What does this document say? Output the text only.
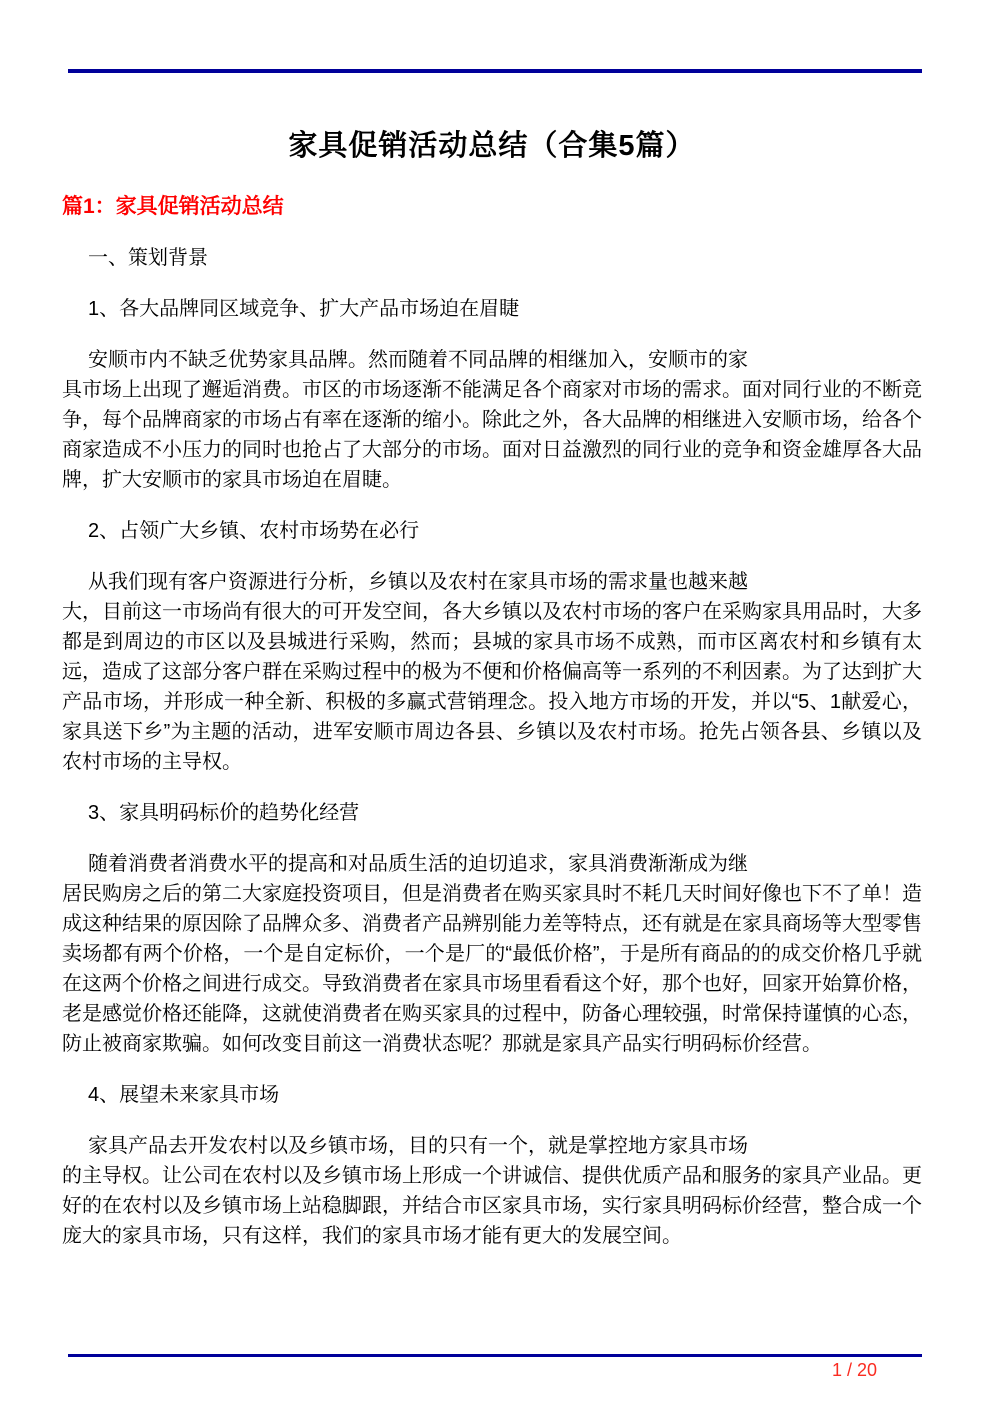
家具促销活动总结（合集5篇）
篇1：家具促销活动总结
一、策划背景
1、各大品牌同区域竞争、扩大产品市场迫在眉睫
安顺市内不缺乏优势家具品牌。然而随着不同品牌的相继加入，安顺市的家
具市场上出现了邂逅消费。市区的市场逐渐不能满足各个商家对市场的需求。面对同行业的不断竞争，每个品牌商家的市场占有率在逐渐的缩小。除此之外，各大品牌的相继进入安顺市场，给各个商家造成不小压力的同时也抢占了大部分的市场。面对日益激烈的同行业的竞争和资金雄厚各大品牌，扩大安顺市的家具市场迫在眉睫。
2、占领广大乡镇、农村市场势在必行
从我们现有客户资源进行分析，乡镇以及农村在家具市场的需求量也越来越
大，目前这一市场尚有很大的可开发空间，各大乡镇以及农村市场的客户在采购家具用品时，大多都是到周边的市区以及县城进行采购，然而；县城的家具市场不成熟，而市区离农村和乡镇有太远，造成了这部分客户群在采购过程中的极为不便和价格偏高等一系列的不利因素。为了达到扩大产品市场，并形成一种全新、积极的多赢式营销理念。投入地方市场的开发，并以“5、1献爱心，家具送下乡”为主题的活动，进军安顺市周边各县、乡镇以及农村市场。抢先占领各县、乡镇以及农村市场的主导权。
3、家具明码标价的趋势化经营
随着消费者消费水平的提高和对品质生活的迫切追求，家具消费渐渐成为继
居民购房之后的第二大家庭投资项目，但是消费者在购买家具时不耗几天时间好像也下不了单！造成这种结果的原因除了品牌众多、消费者产品辨别能力差等特点，还有就是在家具商场等大型零售卖场都有两个价格，一个是自定标价，一个是厂的“最低价格”，于是所有商品的的成交价格几乎就在这两个价格之间进行成交。导致消费者在家具市场里看看这个好，那个也好，回家开始算价格，老是感觉价格还能降，这就使消费者在购买家具的过程中，防备心理较强，时常保持谨慎的心态，防止被商家欺骗。如何改变目前这一消费状态呢？那就是家具产品实行明码标价经营。
4、展望未来家具市场
家具产品去开发农村以及乡镇市场，目的只有一个，就是掌控地方家具市场
的主导权。让公司在农村以及乡镇市场上形成一个讲诚信、提供优质产品和服务的家具产业品。更好的在农村以及乡镇市场上站稳脚跟，并结合市区家具市场，实行家具明码标价经营，整合成一个庞大的家具市场，只有这样，我们的家具市场才能有更大的发展空间。
1 / 20
